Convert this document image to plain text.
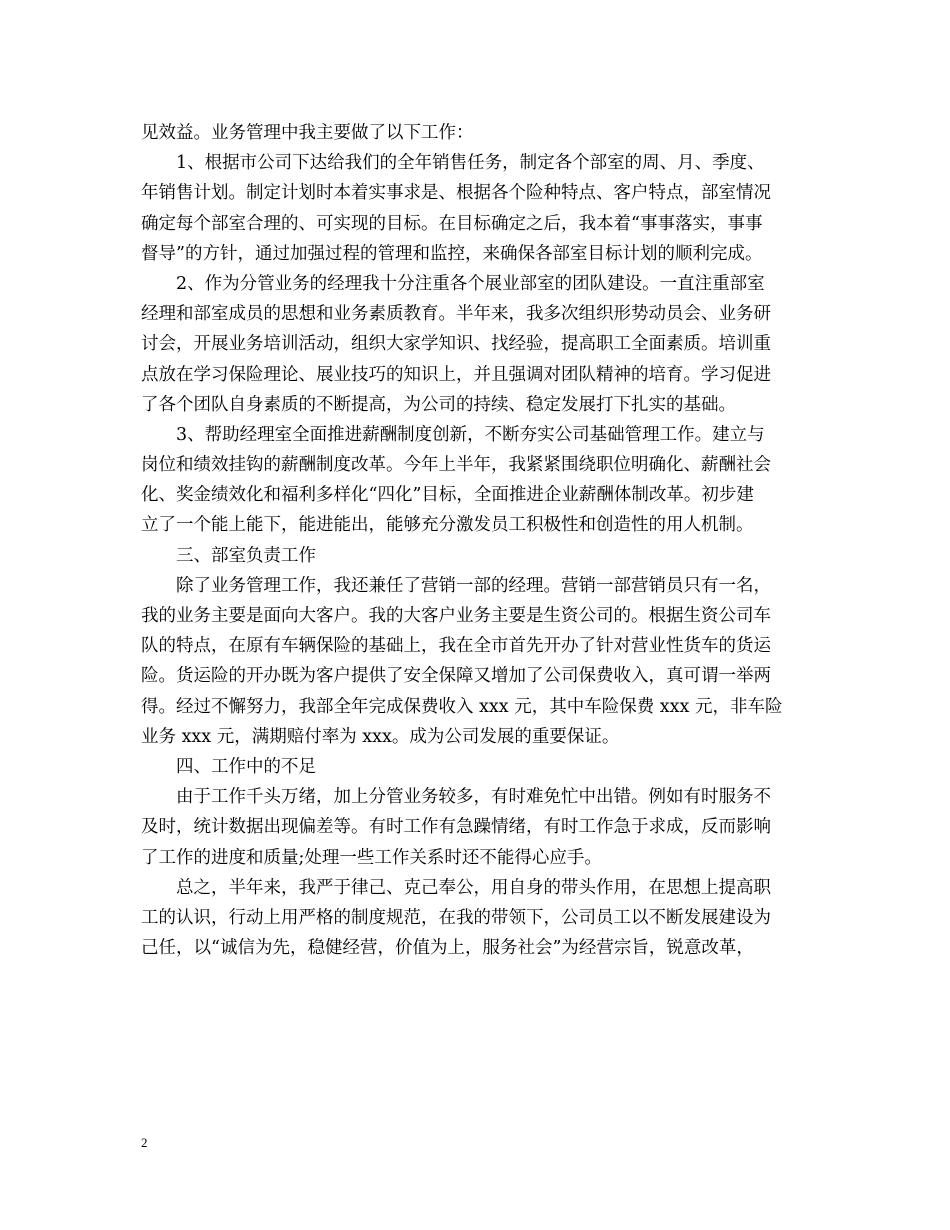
见效益。业务管理中我主要做了以下工作：
　　1、根据市公司下达给我们的全年销售任务，制定各个部室的周、月、季度、
年销售计划。制定计划时本着实事求是、根据各个险种特点、客户特点，部室情况
确定每个部室合理的、可实现的目标。在目标确定之后，我本着“事事落实，事事
督导”的方针，通过加强过程的管理和监控，来确保各部室目标计划的顺利完成。
　　2、作为分管业务的经理我十分注重各个展业部室的团队建设。一直注重部室
经理和部室成员的思想和业务素质教育。半年来，我多次组织形势动员会、业务研
讨会，开展业务培训活动，组织大家学知识、找经验，提高职工全面素质。培训重
点放在学习保险理论、展业技巧的知识上，并且强调对团队精神的培育。学习促进
了各个团队自身素质的不断提高，为公司的持续、稳定发展打下扎实的基础。
　　3、帮助经理室全面推进薪酬制度创新，不断夯实公司基础管理工作。建立与
岗位和绩效挂钩的薪酬制度改革。今年上半年，我紧紧围绕职位明确化、薪酬社会
化、奖金绩效化和福利多样化“四化”目标，全面推进企业薪酬体制改革。初步建
立了一个能上能下，能进能出，能够充分激发员工积极性和创造性的用人机制。
　　三、部室负责工作
　　除了业务管理工作，我还兼任了营销一部的经理。营销一部营销员只有一名，
我的业务主要是面向大客户。我的大客户业务主要是生资公司的。根据生资公司车
队的特点，在原有车辆保险的基础上，我在全市首先开办了针对营业性货车的货运
险。货运险的开办既为客户提供了安全保障又增加了公司保费收入，真可谓一举两
得。经过不懈努力，我部全年完成保费收入 xxx 元，其中车险保费 xxx 元，非车险
业务 xxx 元，满期赔付率为 xxx。成为公司发展的重要保证。
　　四、工作中的不足
　　由于工作千头万绪，加上分管业务较多，有时难免忙中出错。例如有时服务不
及时，统计数据出现偏差等。有时工作有急躁情绪，有时工作急于求成，反而影响
了工作的进度和质量;处理一些工作关系时还不能得心应手。
　　总之，半年来，我严于律己、克己奉公，用自身的带头作用，在思想上提高职
工的认识，行动上用严格的制度规范，在我的带领下，公司员工以不断发展建设为
己任，以“诚信为先，稳健经营，价值为上，服务社会”为经营宗旨，锐意改革，
2
